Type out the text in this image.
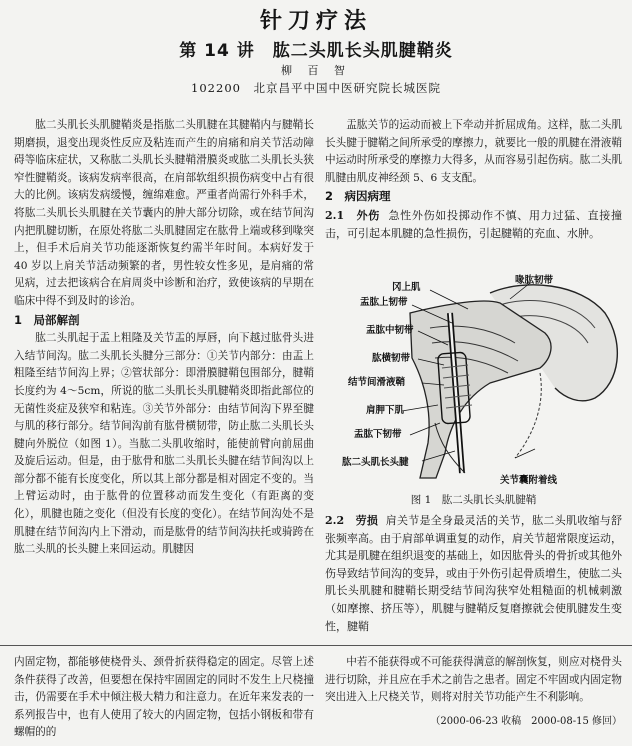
针刀疗法
第 14 讲　肱二头肌长头肌腱鞘炎
柳 百 智
102200　北京昌平中国中医研究院长城医院

肱二头肌长头肌腱鞘炎是指肱二头肌腱在其腱鞘内与腱鞘长期磨损，退变出现炎性反应及粘连而产生的肩痛和肩关节活动障碍等临床症状，又称肱二头肌长头腱鞘滑膜炎或肱二头肌长头狭窄性腱鞘炎。该病发病率很高，在肩部软组织损伤病变中占有很大的比例。该病发病缓慢，缠绵难愈。严重者尚需行外科手术，将肱二头肌长头肌腱在关节囊内的肿大部分切除，或在结节间沟内把肌腱切断，在原处将肱二头肌腱固定在肱骨上端或移到喙突上，但手术后肩关节功能逐渐恢复约需半年时间。本病好发于 40 岁以上肩关节活动频繁的者，男性较女性多见，是肩痛的常见病，过去把该病合在肩周炎中诊断和治疗，致使该病的早期在临床中得不到及时的诊治。

1　局部解剖

肱二头肌起于盂上粗隆及关节盂的厚唇，向下越过肱骨头进入结节间沟。肱二头肌长头腱分三部分：①关节内部分：由盂上粗隆至结节间沟上界；②管状部分：即滑膜腱鞘包围部分，腱鞘长度约为 4～5cm，所说的肱二头肌长头肌腱鞘炎即指此部位的无菌性炎症及狭窄和粘连。③关节外部分：由结节间沟下界至腱与肌的移行部分。结节间沟前有肱骨横韧带，防止肱二头肌长头腱向外脱位（如图 1）。当肱二头肌收缩时，能使前臂向前屈曲及旋后运动。但是，由于肱骨和肱二头肌长头腱在结节间沟以上部分都不能有长度变化，所以其上部分都是相对固定不变的。当上臂运动时，由于肱骨的位置移动而发生变化（有距离的变化），肌腱也随之变化（但没有长度的变化）。在结节间沟处不是肌腱在结节间沟内上下滑动，而是肱骨的结节间沟扶托或骑跨在肱二头肌的长头腱上来回运动。肌腱因

盂肱关节的运动而被上下牵动并折屈成角。这样，肱二头肌长头腱于腱鞘之间所承受的摩擦力，就要比一般的肌腱在滑液鞘中运动时所承受的摩擦力大得多，从而容易引起伤病。肱二头肌肌腱由肌皮神经颈 5、6 支支配。

2　病因病理

2.1　外伤 急性外伤如投掷动作不慎、用力过猛、直接撞击，可引起本肌腱的急性损伤，引起腱鞘的充血、水肿。

喙肱韧带
冈上肌
盂肱上韧带
盂肱中韧带
肱横韧带
结节间滑液鞘
肩胛下肌
盂肱下韧带
肱二头肌长头腱
关节囊附着线
图 1　肱二头肌长头肌腱鞘

2.2　劳损 肩关节是全身最灵活的关节，肱二头肌收缩与舒张频率高。由于肩部单调重复的动作，肩关节超常限度运动，尤其是肌腱在组织退变的基础上，如因肱骨头的骨折或其他外伤导致结节间沟的变异，或由于外伤引起骨质增生，使肱二头肌长头肌腱和腱鞘长期受结节间沟狭窄处粗糙面的机械刺激（如摩擦、挤压等），肌腱与腱鞘反复磨擦就会使肌腱发生变性，腱鞘

内固定物，都能够使桡骨头、颈骨折获得稳定的固定。尽管上述条件获得了改善，但要想在保持牢固固定的同时不发生上尺桡撞击，仍需要在手术中倾注极大精力和注意力。在近年来发表的一系列报告中，也有人使用了较大的内固定物，包括小钢板和带有螺帽的的

中若不能获得或不可能获得满意的解剖恢复，则应对桡骨头进行切除，并且应在手术之前告之患者。固定不牢固或内固定物突出进入上尺桡关节，则将对肘关节功能产生不利影响。

（2000-06-23 收稿　2000-08-15 修回）
